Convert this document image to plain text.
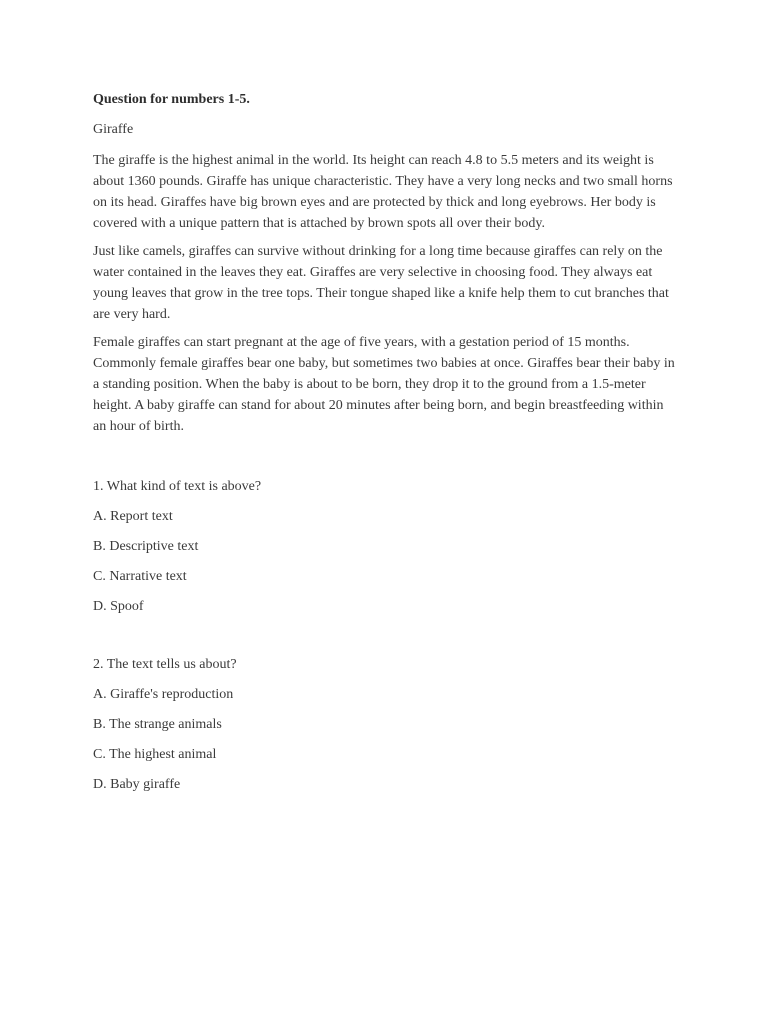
Question for numbers 1-5.

Giraffe

The giraffe is the highest animal in the world. Its height can reach 4.8 to 5.5 meters and its weight is about 1360 pounds. Giraffe has unique characteristic. They have a very long necks and two small horns on its head. Giraffes have big brown eyes and are protected by thick and long eyebrows. Her body is covered with a unique pattern that is attached by brown spots all over their body.

Just like camels, giraffes can survive without drinking for a long time because giraffes can rely on the water contained in the leaves they eat. Giraffes are very selective in choosing food. They always eat young leaves that grow in the tree tops. Their tongue shaped like a knife help them to cut branches that are very hard.

Female giraffes can start pregnant at the age of five years, with a gestation period of 15 months. Commonly female giraffes bear one baby, but sometimes two babies at once. Giraffes bear their baby in a standing position. When the baby is about to be born, they drop it to the ground from a 1.5-meter height. A baby giraffe can stand for about 20 minutes after being born, and begin breastfeeding within an hour of birth.

1. What kind of text is above?

A. Report text

B. Descriptive text

C. Narrative text

D. Spoof

2. The text tells us about?

A. Giraffe's reproduction

B. The strange animals

C. The highest animal

D. Baby giraffe
